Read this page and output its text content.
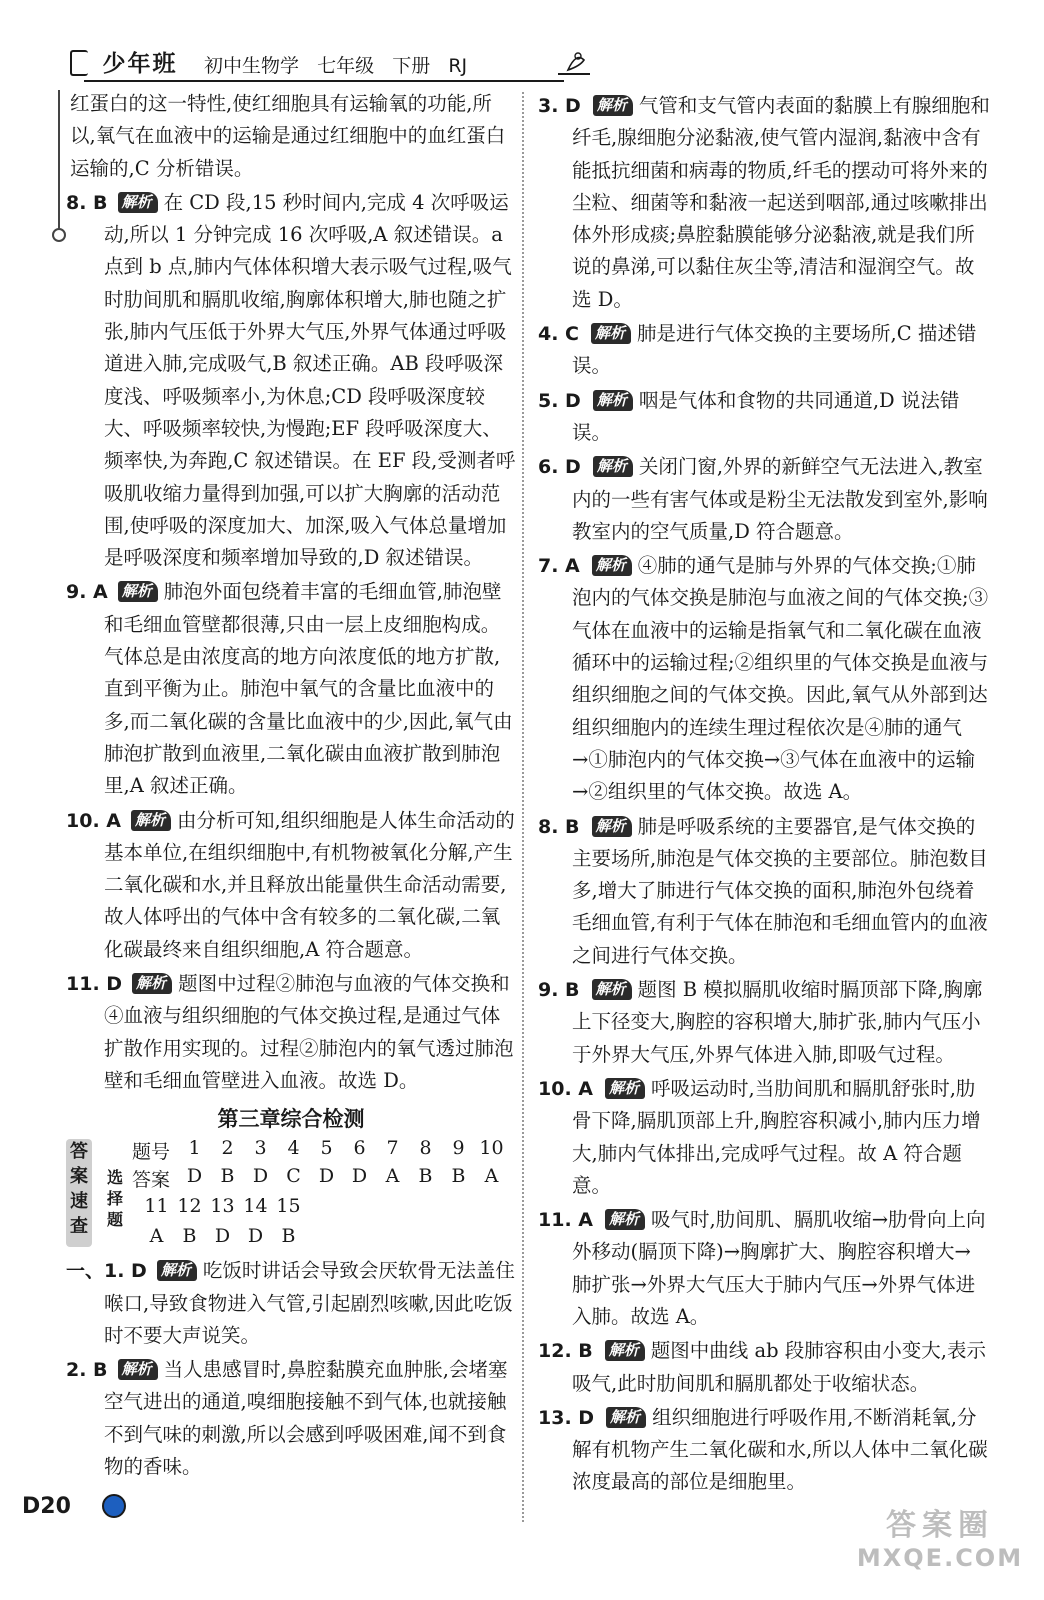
少年班	初中生物学   七年级   下册   RJ

红蛋白的这一特性,使红细胞具有运输氧的功能,所以,氧气在血液中的运输是通过红细胞中的血红蛋白运输的,C 分析错误。

8. B 解析 在 CD 段,15 秒时间内,完成 4 次呼吸运动,所以 1 分钟完成 16 次呼吸,A 叙述错误。a 点到 b 点,肺内气体体积增大表示吸气过程,吸气时肋间肌和膈肌收缩,胸廓体积增大,肺也随之扩张,肺内气压低于外界大气压,外界气体通过呼吸道进入肺,完成吸气,B 叙述正确。AB 段呼吸深度浅、呼吸频率小,为休息;CD 段呼吸深度较大、呼吸频率较快,为慢跑;EF 段呼吸深度大、频率快,为奔跑,C 叙述错误。在 EF 段,受测者呼吸肌收缩力量得到加强,可以扩大胸廓的活动范围,使呼吸的深度加大、加深,吸入气体总量增加是呼吸深度和频率增加导致的,D 叙述错误。

9. A 解析 肺泡外面包绕着丰富的毛细血管,肺泡壁和毛细血管壁都很薄,只由一层上皮细胞构成。气体总是由浓度高的地方向浓度低的地方扩散,直到平衡为止。肺泡中氧气的含量比血液中的多,而二氧化碳的含量比血液中的少,因此,氧气由肺泡扩散到血液里,二氧化碳由血液扩散到肺泡里,A 叙述正确。

10. A 解析 由分析可知,组织细胞是人体生命活动的基本单位,在组织细胞中,有机物被氧化分解,产生二氧化碳和水,并且释放出能量供生命活动需要,故人体呼出的气体中含有较多的二氧化碳,二氧化碳最终来自组织细胞,A 符合题意。

11. D 解析 题图中过程②肺泡与血液的气体交换和④血液与组织细胞的气体交换过程,是通过气体扩散作用实现的。过程②肺泡内的氧气透过肺泡壁和毛细血管壁进入血液。故选 D。

第三章综合检测
答
案
速
查
选
择
题
题号 1	2	3	4	5	6	7	8	9 10
答案 D B D C D D A	B	B	A
11 12 13 14 15
A	B D D B

一、1. D 解析 吃饭时讲话会导致会厌软骨无法盖住喉口,导致食物进入气管,引起剧烈咳嗽,因此吃饭时不要大声说笑。

2. B 解析 当人患感冒时,鼻腔黏膜充血肿胀,会堵塞空气进出的通道,嗅细胞接触不到气体,也就接触不到气味的刺激,所以会感到呼吸困难,闻不到食物的香味。

3. D 解析 气管和支气管内表面的黏膜上有腺细胞和纤毛,腺细胞分泌黏液,使气管内湿润,黏液中含有能抵抗细菌和病毒的物质,纤毛的摆动可将外来的尘粒、细菌等和黏液一起送到咽部,通过咳嗽排出体外形成痰;鼻腔黏膜能够分泌黏液,就是我们所说的鼻涕,可以黏住灰尘等,清洁和湿润空气。故选 D。

4. C 解析 肺是进行气体交换的主要场所,C 描述错误。

5. D 解析 咽是气体和食物的共同通道,D 说法错误。

6. D 解析 关闭门窗,外界的新鲜空气无法进入,教室内的一些有害气体或是粉尘无法散发到室外,影响教室内的空气质量,D 符合题意。

7. A 解析 ④肺的通气是肺与外界的气体交换;①肺泡内的气体交换是肺泡与血液之间的气体交换;③气体在血液中的运输是指氧气和二氧化碳在血液循环中的运输过程;②组织里的气体交换是血液与组织细胞之间的气体交换。因此,氧气从外部到达组织细胞内的连续生理过程依次是④肺的通气→①肺泡内的气体交换→③气体在血液中的运输→②组织里的气体交换。故选 A。

8. B 解析 肺是呼吸系统的主要器官,是气体交换的主要场所,肺泡是气体交换的主要部位。肺泡数目多,增大了肺进行气体交换的面积,肺泡外包绕着毛细血管,有利于气体在肺泡和毛细血管内的血液之间进行气体交换。

9. B 解析 题图 B 模拟膈肌收缩时膈顶部下降,胸廓上下径变大,胸腔的容积增大,肺扩张,肺内气压小于外界大气压,外界气体进入肺,即吸气过程。

10. A 解析 呼吸运动时,当肋间肌和膈肌舒张时,肋骨下降,膈肌顶部上升,胸腔容积减小,肺内压力增大,肺内气体排出,完成呼气过程。故 A 符合题意。

11. A 解析 吸气时,肋间肌、膈肌收缩→肋骨向上向外移动(膈顶下降)→胸廓扩大、胸腔容积增大→肺扩张→外界大气压大于肺内气压→外界气体进入肺。故选 A。

12. B 解析 题图中曲线 ab 段肺容积由小变大,表示吸气,此时肋间肌和膈肌都处于收缩状态。

13. D 解析 组织细胞进行呼吸作用,不断消耗氧,分解有机物产生二氧化碳和水,所以人体中二氧化碳浓度最高的部位是细胞里。

D20
答案圈
MXQE.COM
